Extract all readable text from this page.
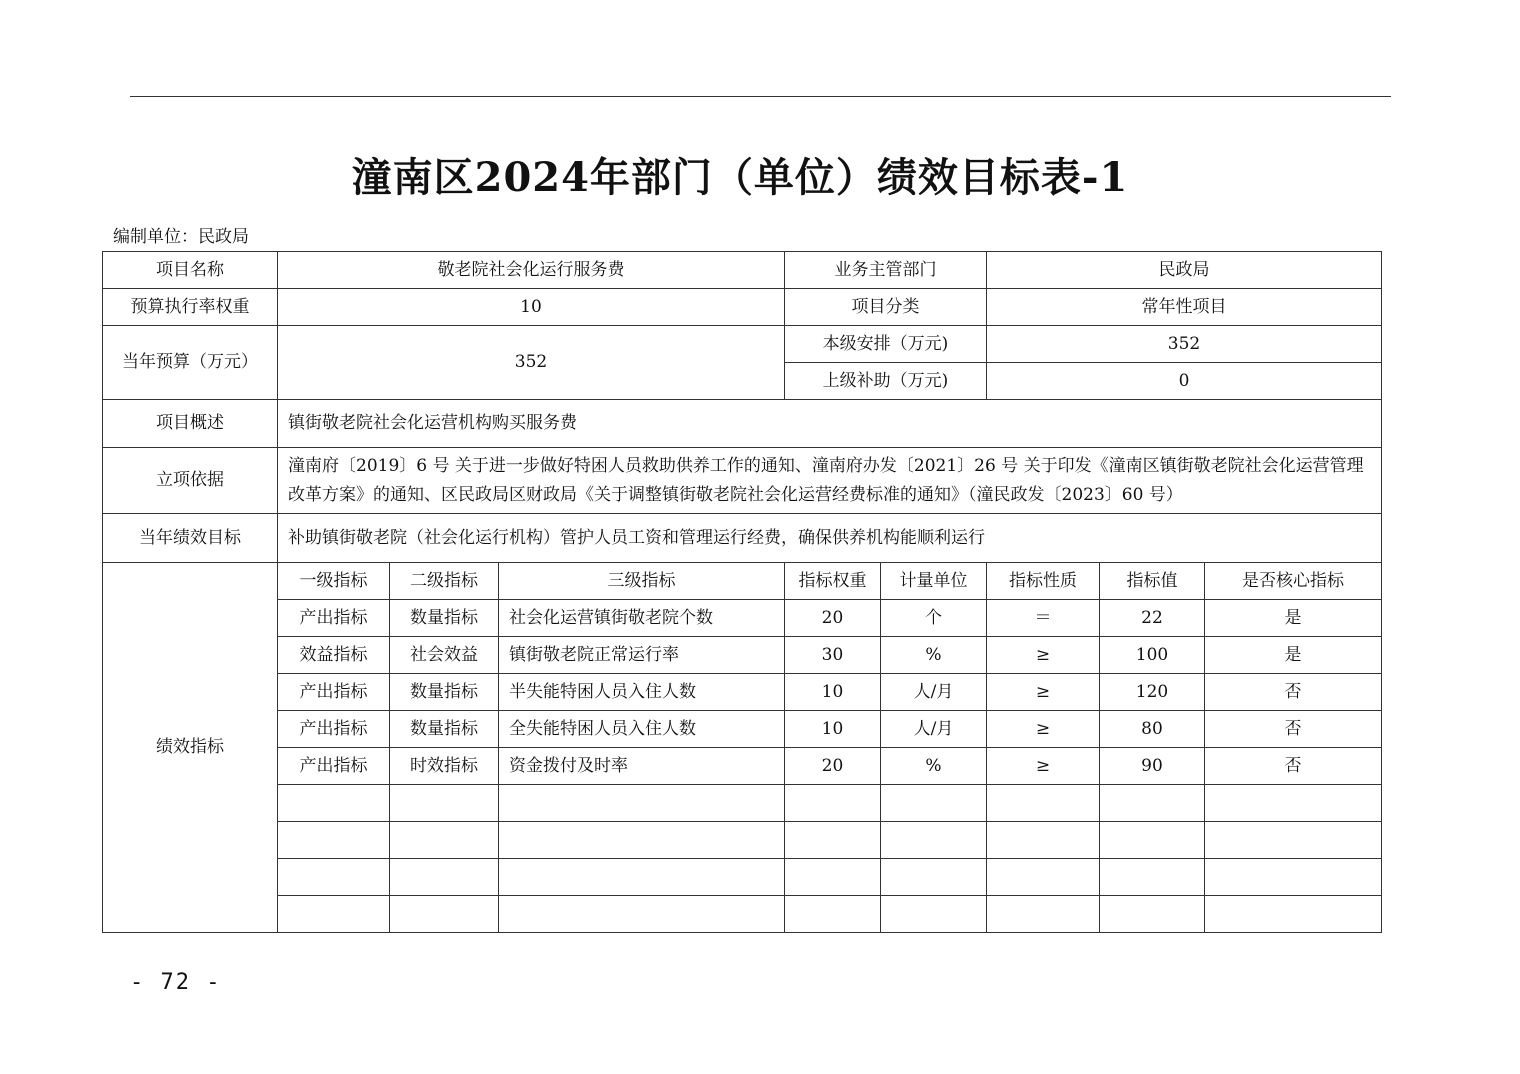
潼南区2024年部门（单位）绩效目标表-1
编制单位：民政局
项目名称	敬老院社会化运行服务费			业务主管部门		民政局		
预算执行率权重	10			项目分类		常年性项目		
当年预算（万元）	352			本级安排（万元)		352		
				上级补助（万元)		0		
项目概述	镇街敬老院社会化运营机构购买服务费							
立项依据	潼南府〔2019〕6 号 关于进一步做好特困人员救助供养工作的通知、潼南府办发〔2021〕26 号 关于印发《潼南区镇街敬老院社会化运营管理改革方案》的通知、区民政局区财政局《关于调整镇街敬老院社会化运营经费标准的通知》（潼民政发〔2023〕60 号）							
当年绩效目标	补助镇街敬老院（社会化运行机构）管护人员工资和管理运行经费，确保供养机构能顺利运行							
绩效指标	一级指标	二级指标	三级指标	指标权重	计量单位	指标性质	指标值	是否核心指标
	产出指标	数量指标	社会化运营镇街敬老院个数	20	个	＝	22	是
	效益指标	社会效益	镇街敬老院正常运行率	30	%	≥	100	是
	产出指标	数量指标	半失能特困人员入住人数	10	人/月	≥	120	否
	产出指标	数量指标	全失能特困人员入住人数	10	人/月	≥	80	否
	产出指标	时效指标	资金拨付及时率	20	%	≥	90	否

- 72 -
